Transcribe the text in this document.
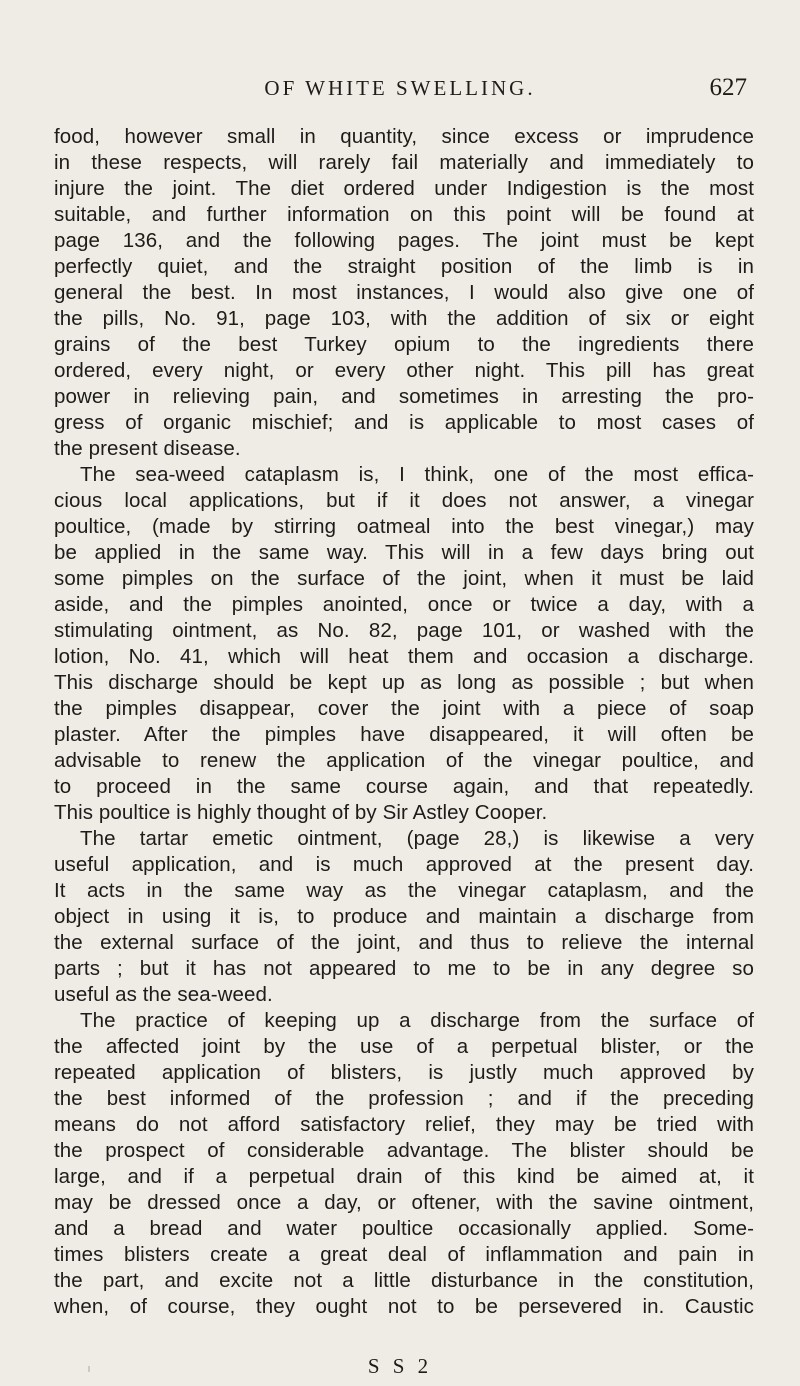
OF WHITE SWELLING.	627
food, however small in quantity, since excess or imprudence
in these respects, will rarely fail materially and immediately to
injure the joint. The diet ordered under Indigestion is the most
suitable, and further information on this point will be found at
page 136, and the following pages. The joint must be kept
perfectly quiet, and the straight position of the limb is in
general the best. In most instances, I would also give one of
the pills, No. 91, page 103, with the addition of six or eight
grains of the best Turkey opium to the ingredients there
ordered, every night, or every other night. This pill has great
power in relieving pain, and sometimes in arresting the pro-
gress of organic mischief; and is applicable to most cases of
the present disease.
The sea-weed cataplasm is, I think, one of the most effica-
cious local applications, but if it does not answer, a vinegar
poultice, (made by stirring oatmeal into the best vinegar,) may
be applied in the same way. This will in a few days bring out
some pimples on the surface of the joint, when it must be laid
aside, and the pimples anointed, once or twice a day, with a
stimulating ointment, as No. 82, page 101, or washed with the
lotion, No. 41, which will heat them and occasion a discharge.
This discharge should be kept up as long as possible ; but when
the pimples disappear, cover the joint with a piece of soap
plaster. After the pimples have disappeared, it will often be
advisable to renew the application of the vinegar poultice, and
to proceed in the same course again, and that repeatedly.
This poultice is highly thought of by Sir Astley Cooper.
The tartar emetic ointment, (page 28,) is likewise a very
useful application, and is much approved at the present day.
It acts in the same way as the vinegar cataplasm, and the
object in using it is, to produce and maintain a discharge from
the external surface of the joint, and thus to relieve the internal
parts ; but it has not appeared to me to be in any degree so
useful as the sea-weed.
The practice of keeping up a discharge from the surface of
the affected joint by the use of a perpetual blister, or the
repeated application of blisters, is justly much approved by
the best informed of the profession ; and if the preceding
means do not afford satisfactory relief, they may be tried with
the prospect of considerable advantage. The blister should be
large, and if a perpetual drain of this kind be aimed at, it
may be dressed once a day, or oftener, with the savine ointment,
and a bread and water poultice occasionally applied. Some-
times blisters create a great deal of inflammation and pain in
the part, and excite not a little disturbance in the constitution,
when, of course, they ought not to be persevered in. Caustic
S S 2
